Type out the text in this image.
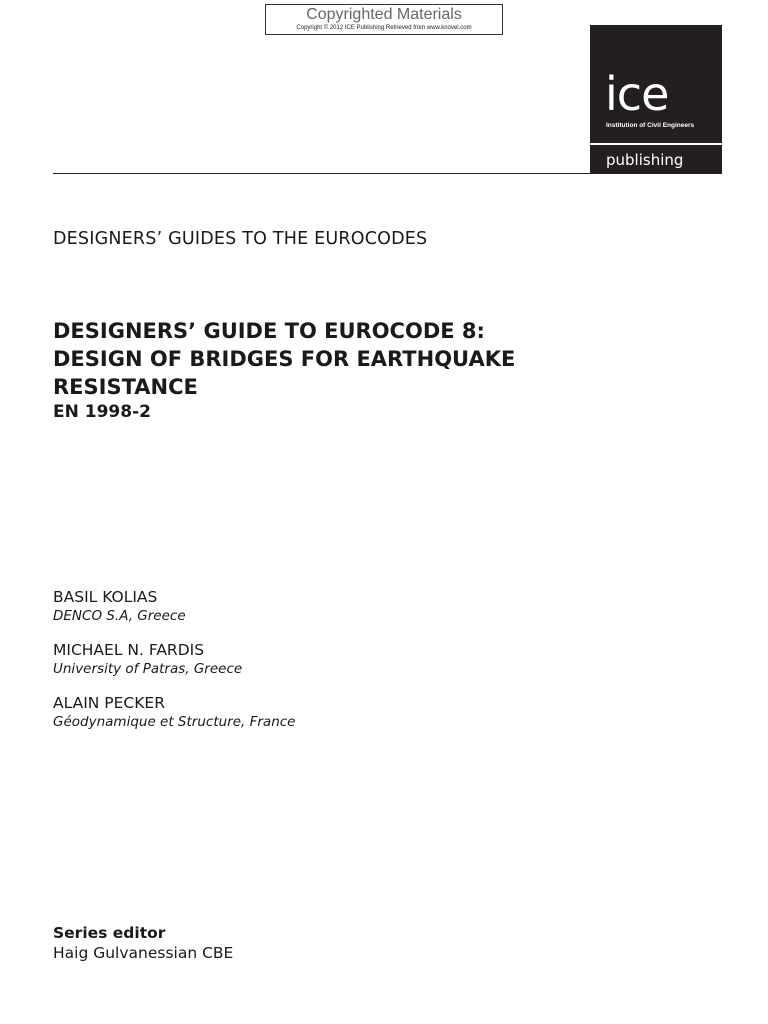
Copyrighted Materials
Copyright © 2012 ICE Publishing Retrieved from www.knovel.com
ice
Institution of Civil Engineers
publishing
DESIGNERS’ GUIDES TO THE EUROCODES
DESIGNERS’ GUIDE TO EUROCODE 8:
DESIGN OF BRIDGES FOR EARTHQUAKE
RESISTANCE
EN 1998-2
BASIL KOLIAS
DENCO S.A, Greece
MICHAEL N. FARDIS
University of Patras, Greece
ALAIN PECKER
Géodynamique et Structure, France
Series editor
Haig Gulvanessian CBE
